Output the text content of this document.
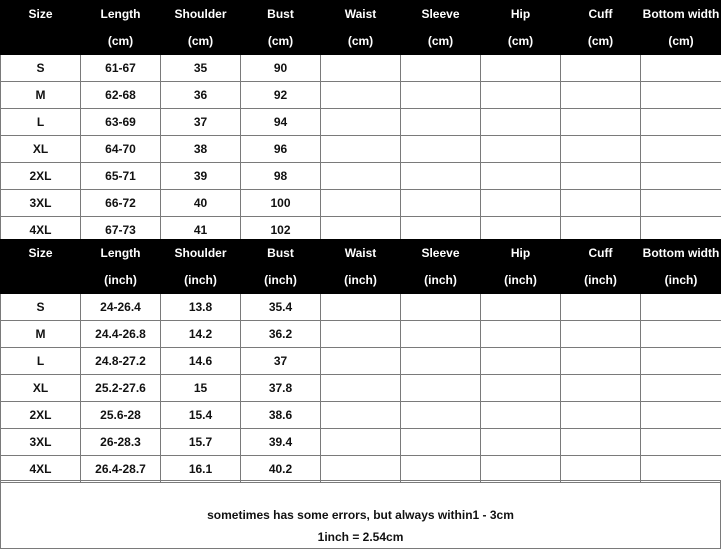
Size	Length	Shoulder	Bust	Waist	Sleeve	Hip	Cuff	Bottom width
	(cm)	(cm)	(cm)	(cm)	(cm)	(cm)	(cm)	(cm)
S	61-67	35	90					
M	62-68	36	92					
L	63-69	37	94					
XL	64-70	38	96					
2XL	65-71	39	98					
3XL	66-72	40	100					
4XL	67-73	41	102					
Size	Length	Shoulder	Bust	Waist	Sleeve	Hip	Cuff	Bottom width
	(inch)	(inch)	(inch)	(inch)	(inch)	(inch)	(inch)	(inch)
S	24-26.4	13.8	35.4					
M	24.4-26.8	14.2	36.2					
L	24.8-27.2	14.6	37					
XL	25.2-27.6	15	37.8					
2XL	25.6-28	15.4	38.6					
3XL	26-28.3	15.7	39.4					
4XL	26.4-28.7	16.1	40.2					
sometimes has some errors, but always within1 - 3cm
1inch = 2.54cm
